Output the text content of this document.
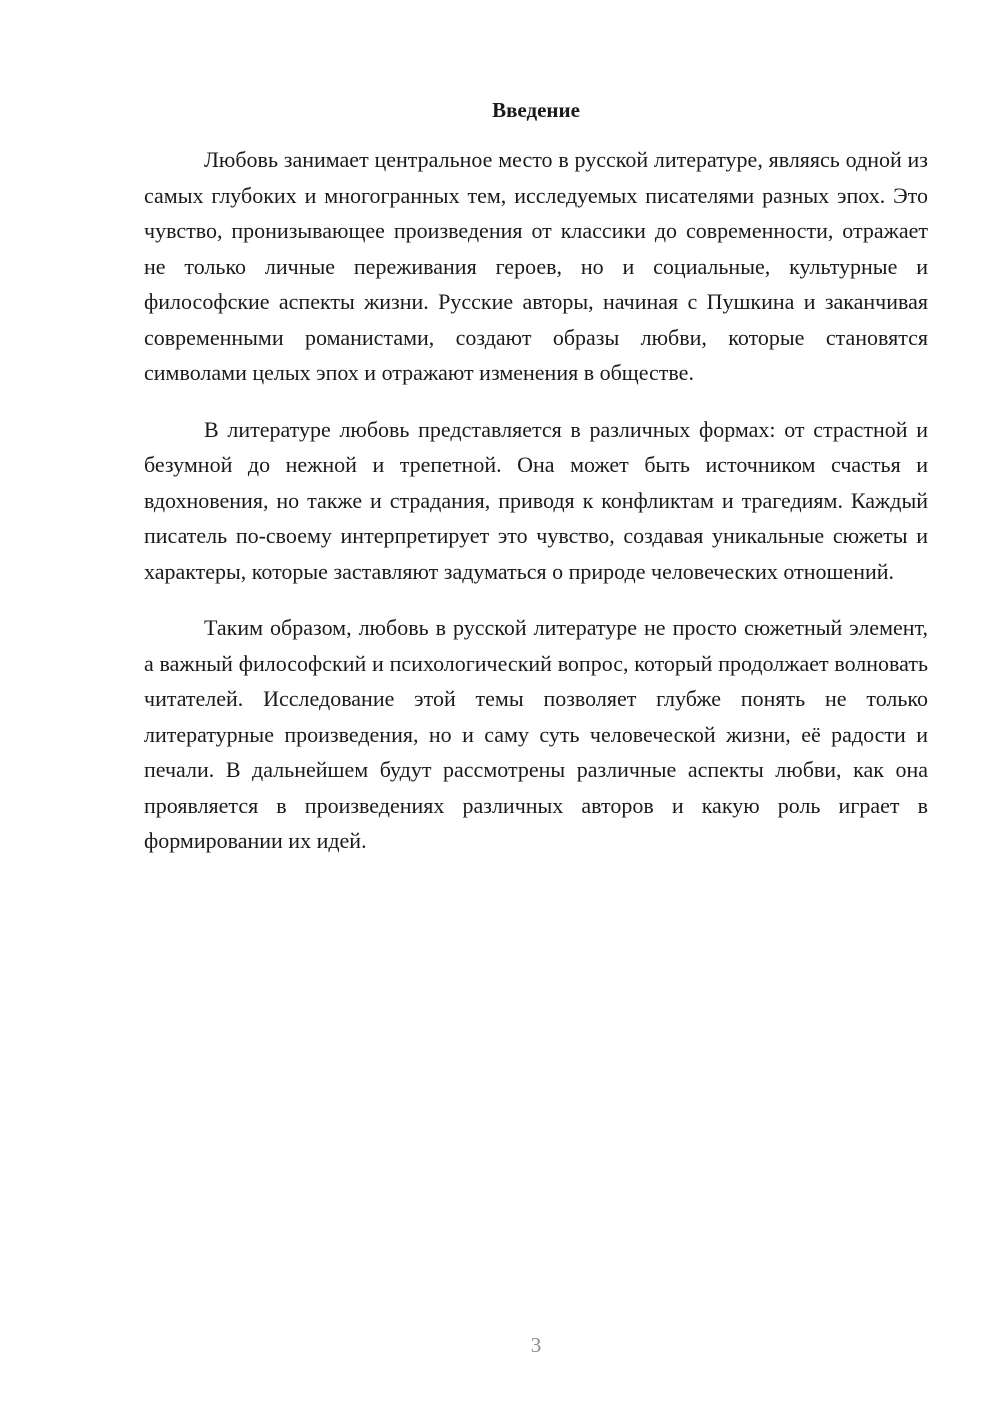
Введение

Любовь занимает центральное место в русской литературе, являясь одной из самых глубоких и многогранных тем, исследуемых писателями разных эпох. Это чувство, пронизывающее произведения от классики до современности, отражает не только личные переживания героев, но и социальные, культурные и философские аспекты жизни. Русские авторы, начиная с Пушкина и заканчивая современными романистами, создают образы любви, которые становятся символами целых эпох и отражают изменения в обществе.

В литературе любовь представляется в различных формах: от страстной и безумной до нежной и трепетной. Она может быть источником счастья и вдохновения, но также и страдания, приводя к конфликтам и трагедиям. Каждый писатель по-своему интерпретирует это чувство, создавая уникальные сюжеты и характеры, которые заставляют задуматься о природе человеческих отношений.

Таким образом, любовь в русской литературе не просто сюжетный элемент, а важный философский и психологический вопрос, который продолжает волновать читателей. Исследование этой темы позволяет глубже понять не только литературные произведения, но и саму суть человеческой жизни, её радости и печали. В дальнейшем будут рассмотрены различные аспекты любви, как она проявляется в произведениях различных авторов и какую роль играет в формировании их идей.

3
